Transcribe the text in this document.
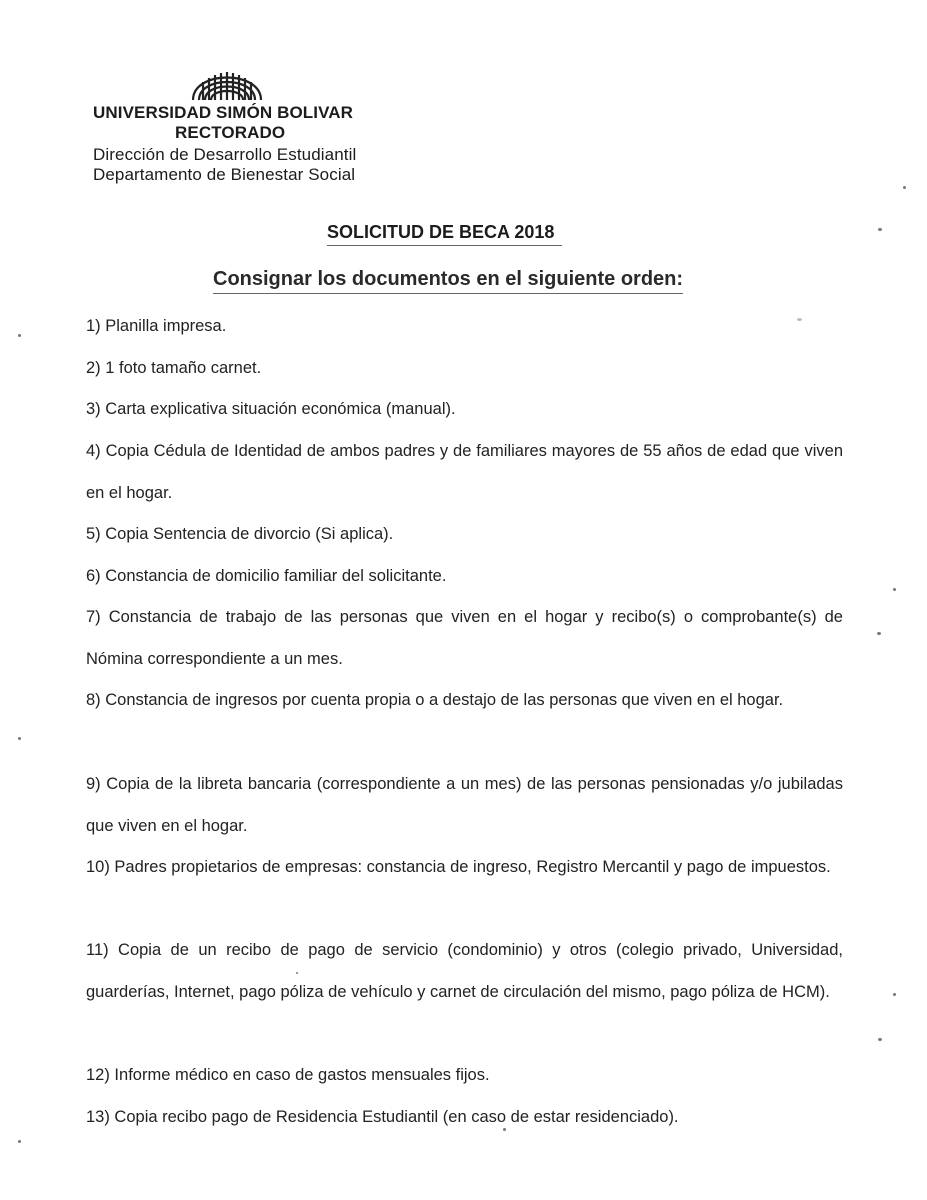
UNIVERSIDAD SIMÓN BOLIVAR
RECTORADO
Dirección de Desarrollo Estudiantil
Departamento de Bienestar Social
SOLICITUD DE BECA 2018
Consignar los documentos en el siguiente orden:
1) Planilla impresa.
2) 1 foto tamaño carnet.
3) Carta explicativa situación económica (manual).
4) Copia Cédula de Identidad de ambos padres y de familiares mayores de 55 años de edad que viven en el hogar.
5) Copia Sentencia de divorcio (Si aplica).
6) Constancia de domicilio familiar del solicitante.
7) Constancia de trabajo de las personas que viven en el hogar y recibo(s) o comprobante(s) de Nómina correspondiente a un mes.
8) Constancia de ingresos por cuenta propia o a destajo de las personas que viven en el hogar.
9) Copia de la libreta bancaria (correspondiente a un mes) de las personas pensionadas y/o jubiladas que viven en el hogar.
10) Padres propietarios de empresas: constancia de ingreso, Registro Mercantil y pago de impuestos.
11) Copia de un recibo de pago de servicio (condominio) y otros (colegio privado, Universidad, guarderías, Internet, pago póliza de vehículo y carnet de circulación del mismo, pago póliza de HCM).
12) Informe médico en caso de gastos mensuales fijos.
13) Copia recibo pago de Residencia Estudiantil (en caso de estar residenciado).
